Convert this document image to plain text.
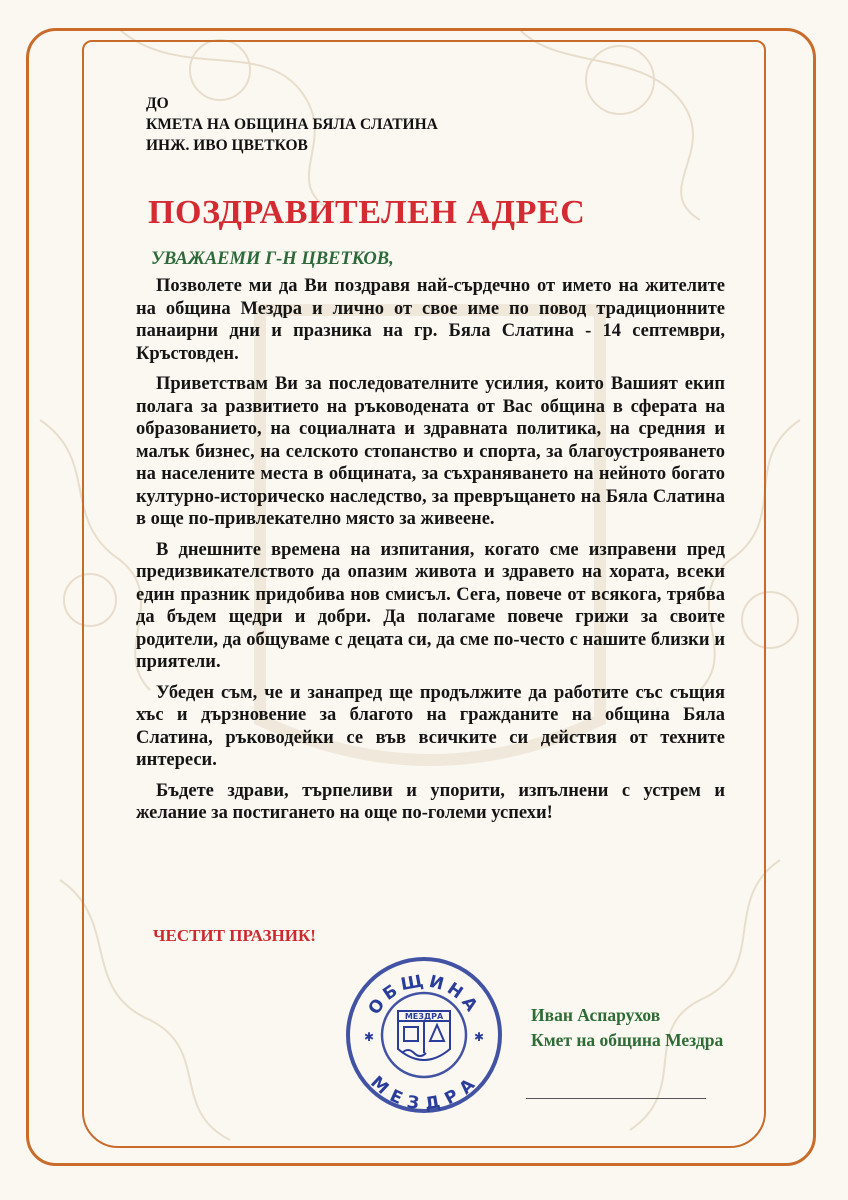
ДО
КМЕТА НА ОБЩИНА БЯЛА СЛАТИНА
ИНЖ. ИВО ЦВЕТКОВ
ПОЗДРАВИТЕЛЕН АДРЕС

УВАЖАЕМИ Г-Н ЦВЕТКОВ,

Позволете ми да Ви поздравя най-сърдечно от името на жителите на община Мездра и лично от свое име по повод традиционните панаирни дни и празника на гр. Бяла Слатина - 14 септември, Кръстовден.

Приветствам Ви за последователните усилия, които Вашият екип полага за развитието на ръководената от Вас община в сферата на образованието, на социалната и здравната политика, на средния и малък бизнес, на селското стопанство и спорта, за благоустрояването на населените места в общината, за съхраняването на нейното богато културно-историческо наследство, за превръщането на Бяла Слатина в още по-привлекателно място за живеене.

В днешните времена на изпитания, когато сме изправени пред предизвикателството да опазим живота и здравето на хората, всеки един празник придобива нов смисъл. Сега, повече от всякога, трябва да бъдем щедри и добри. Да полагаме повече грижи за своите родители, да общуваме с децата си, да сме по-често с нашите близки и приятели.

Убеден съм, че и занапред ще продължите да работите със същия хъс и дързновение за благото на гражданите на община Бяла Слатина, ръководейки се във всичките си действия от техните интереси.

Бъдете здрави, търпеливи и упорити, изпълнени с устрем и желание за постигането на още по-големи успехи!

ЧЕСТИТ ПРАЗНИК!

ОБЩИНА
МЕЗДРА
✱	✱
МЕЗДРА	Иван Аспарухов
Кмет на община Мездра
